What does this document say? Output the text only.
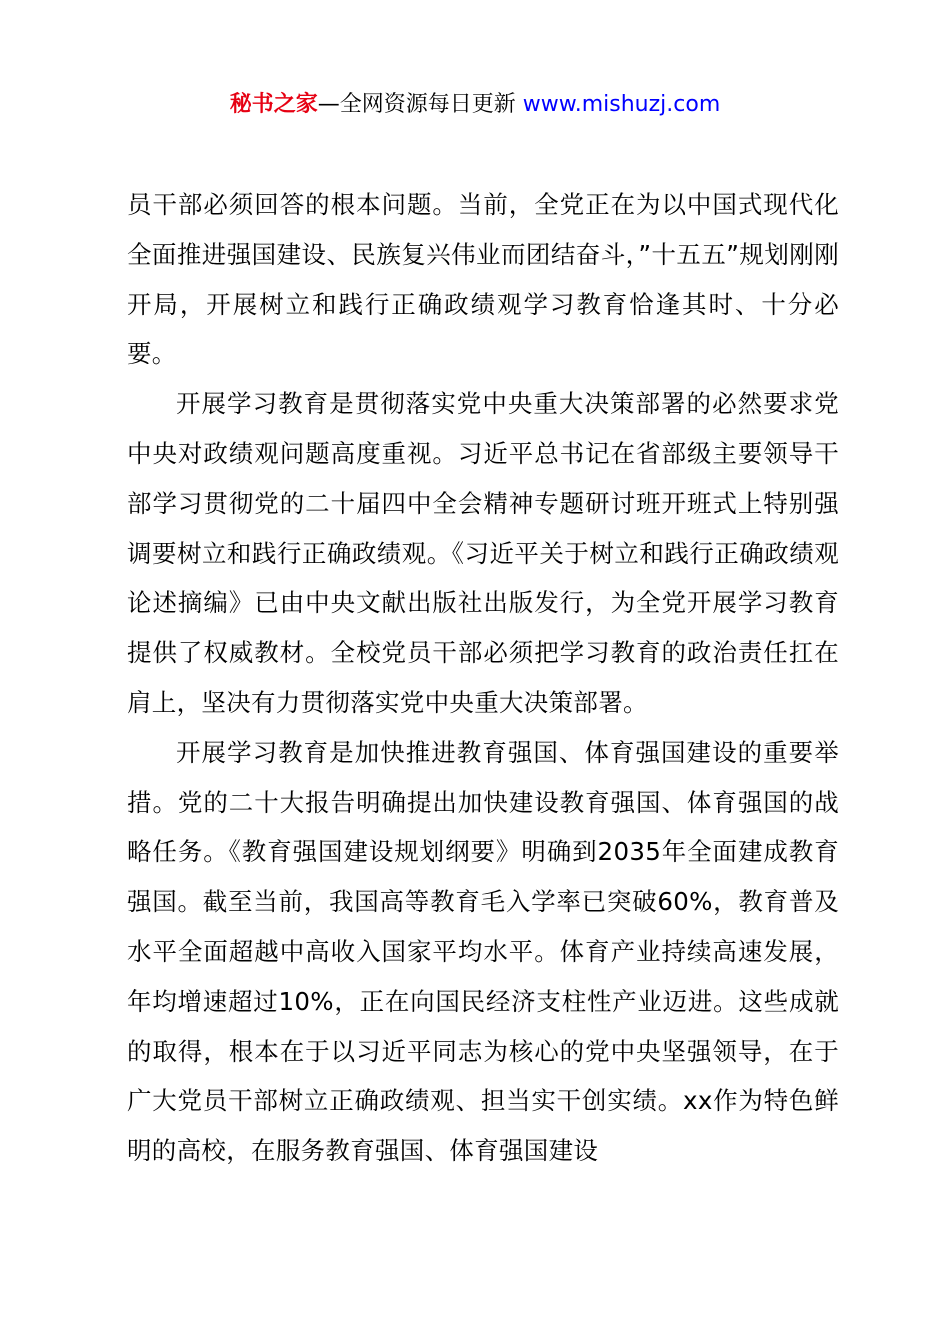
秘书之家—全网资源每日更新 www.mishuzj.com

员干部必须回答的根本问题。当前，全党正在为以中国式现代化全面推进强国建设、民族复兴伟业而团结奋斗，”十五五”规划刚刚开局，开展树立和践行正确政绩观学习教育恰逢其时、十分必要。

开展学习教育是贯彻落实党中央重大决策部署的必然要求党中央对政绩观问题高度重视。习近平总书记在省部级主要领导干部学习贯彻党的二十届四中全会精神专题研讨班开班式上特别强调要树立和践行正确政绩观。《习近平关于树立和践行正确政绩观论述摘编》已由中央文献出版社出版发行，为全党开展学习教育提供了权威教材。全校党员干部必须把学习教育的政治责任扛在肩上，坚决有力贯彻落实党中央重大决策部署。

开展学习教育是加快推进教育强国、体育强国建设的重要举措。党的二十大报告明确提出加快建设教育强国、体育强国的战略任务。《教育强国建设规划纲要》明确到2035年全面建成教育强国。截至当前，我国高等教育毛入学率已突破60%，教育普及水平全面超越中高收入国家平均水平。体育产业持续高速发展，年均增速超过10%，正在向国民经济支柱性产业迈进。这些成就的取得，根本在于以习近平同志为核心的党中央坚强领导，在于广大党员干部树立正确政绩观、担当实干创实绩。xx作为特色鲜明的高校，在服务教育强国、体育强国建设
